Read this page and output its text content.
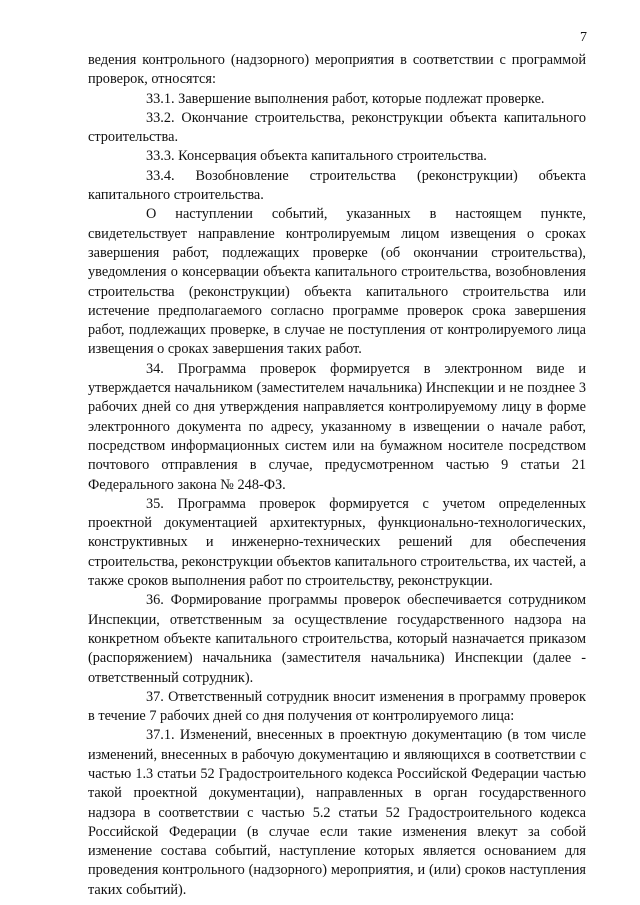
7

ведения контрольного (надзорного) мероприятия в соответствии с программой проверок, относятся:

33.1. Завершение выполнения работ, которые подлежат проверке.

33.2. Окончание строительства, реконструкции объекта капитального строительства.

33.3. Консервация объекта капитального строительства.

33.4. Возобновление строительства (реконструкции) объекта капитального строительства.

О наступлении событий, указанных в настоящем пункте, свидетельствует направление контролируемым лицом извещения о сроках завершения работ, подлежащих проверке (об окончании строительства), уведомления о консервации объекта капитального строительства, возобновления строительства (реконструкции) объекта капитального строительства или истечение предполагаемого согласно программе проверок срока завершения работ, подлежащих проверке, в случае не поступления от контролируемого лица извещения о сроках завершения таких работ.

34. Программа проверок формируется в электронном виде и утверждается начальником (заместителем начальника) Инспекции и не позднее 3 рабочих дней со дня утверждения направляется контролируемому лицу в форме электронного документа по адресу, указанному в извещении о начале работ, посредством информационных систем или на бумажном носителе посредством почтового отправления в случае, предусмотренном частью 9 статьи 21 Федерального закона № 248-ФЗ.

35. Программа проверок формируется с учетом определенных проектной документацией архитектурных, функционально-технологических, конструктивных и инженерно-технических решений для обеспечения строительства, реконструкции объектов капитального строительства, их частей, а также сроков выполнения работ по строительству, реконструкции.

36. Формирование программы проверок обеспечивается сотрудником Инспекции, ответственным за осуществление государственного надзора на конкретном объекте капитального строительства, который назначается приказом (распоряжением) начальника (заместителя начальника) Инспекции (далее - ответственный сотрудник).

37. Ответственный сотрудник вносит изменения в программу проверок в течение 7 рабочих дней со дня получения от контролируемого лица:

37.1. Изменений, внесенных в проектную документацию (в том числе изменений, внесенных в рабочую документацию и являющихся в соответствии с частью 1.3 статьи 52 Градостроительного кодекса Российской Федерации частью такой проектной документации), направленных в орган государственного надзора в соответствии с частью 5.2 статьи 52 Градостроительного кодекса Российской Федерации (в случае если такие изменения влекут за собой изменение состава событий, наступление которых является основанием для проведения контрольного (надзорного) мероприятия, и (или) сроков наступления таких событий).
